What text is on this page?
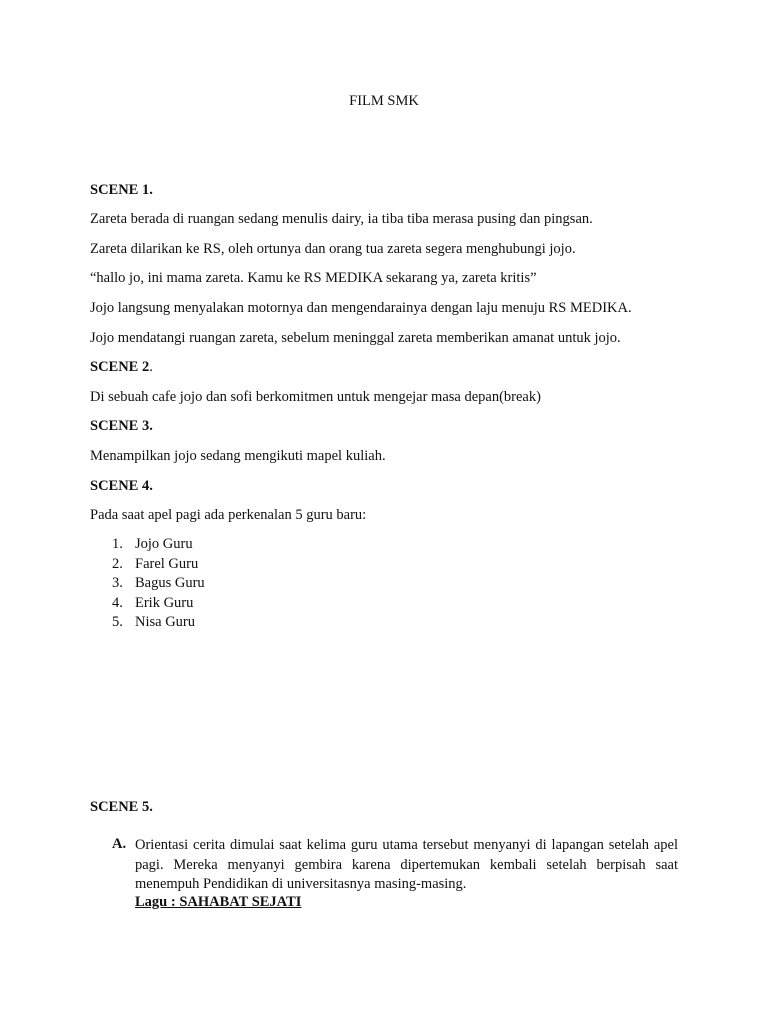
FILM SMK
SCENE 1.
Zareta berada di ruangan sedang menulis dairy, ia tiba tiba merasa pusing dan pingsan.
Zareta dilarikan ke RS, oleh ortunya dan orang tua zareta segera menghubungi jojo.
“hallo jo, ini mama zareta. Kamu ke RS MEDIKA sekarang ya, zareta kritis”
Jojo langsung menyalakan motornya dan mengendarainya dengan laju menuju RS MEDIKA.
Jojo mendatangi ruangan zareta, sebelum meninggal zareta memberikan amanat untuk jojo.
SCENE 2.
Di sebuah cafe jojo dan sofi berkomitmen untuk mengejar masa depan(break)
SCENE 3.
Menampilkan jojo sedang mengikuti mapel kuliah.
SCENE 4.
Pada saat apel pagi ada perkenalan 5 guru baru:
1. Jojo Guru
2. Farel Guru
3. Bagus Guru
4. Erik Guru
5. Nisa Guru
SCENE 5.
A. Orientasi cerita dimulai saat kelima guru utama tersebut menyanyi di lapangan setelah apel pagi. Mereka menyanyi gembira karena dipertemukan kembali setelah berpisah saat menempuh Pendidikan di universitasnya masing-masing.
Lagu : SAHABAT SEJATI
